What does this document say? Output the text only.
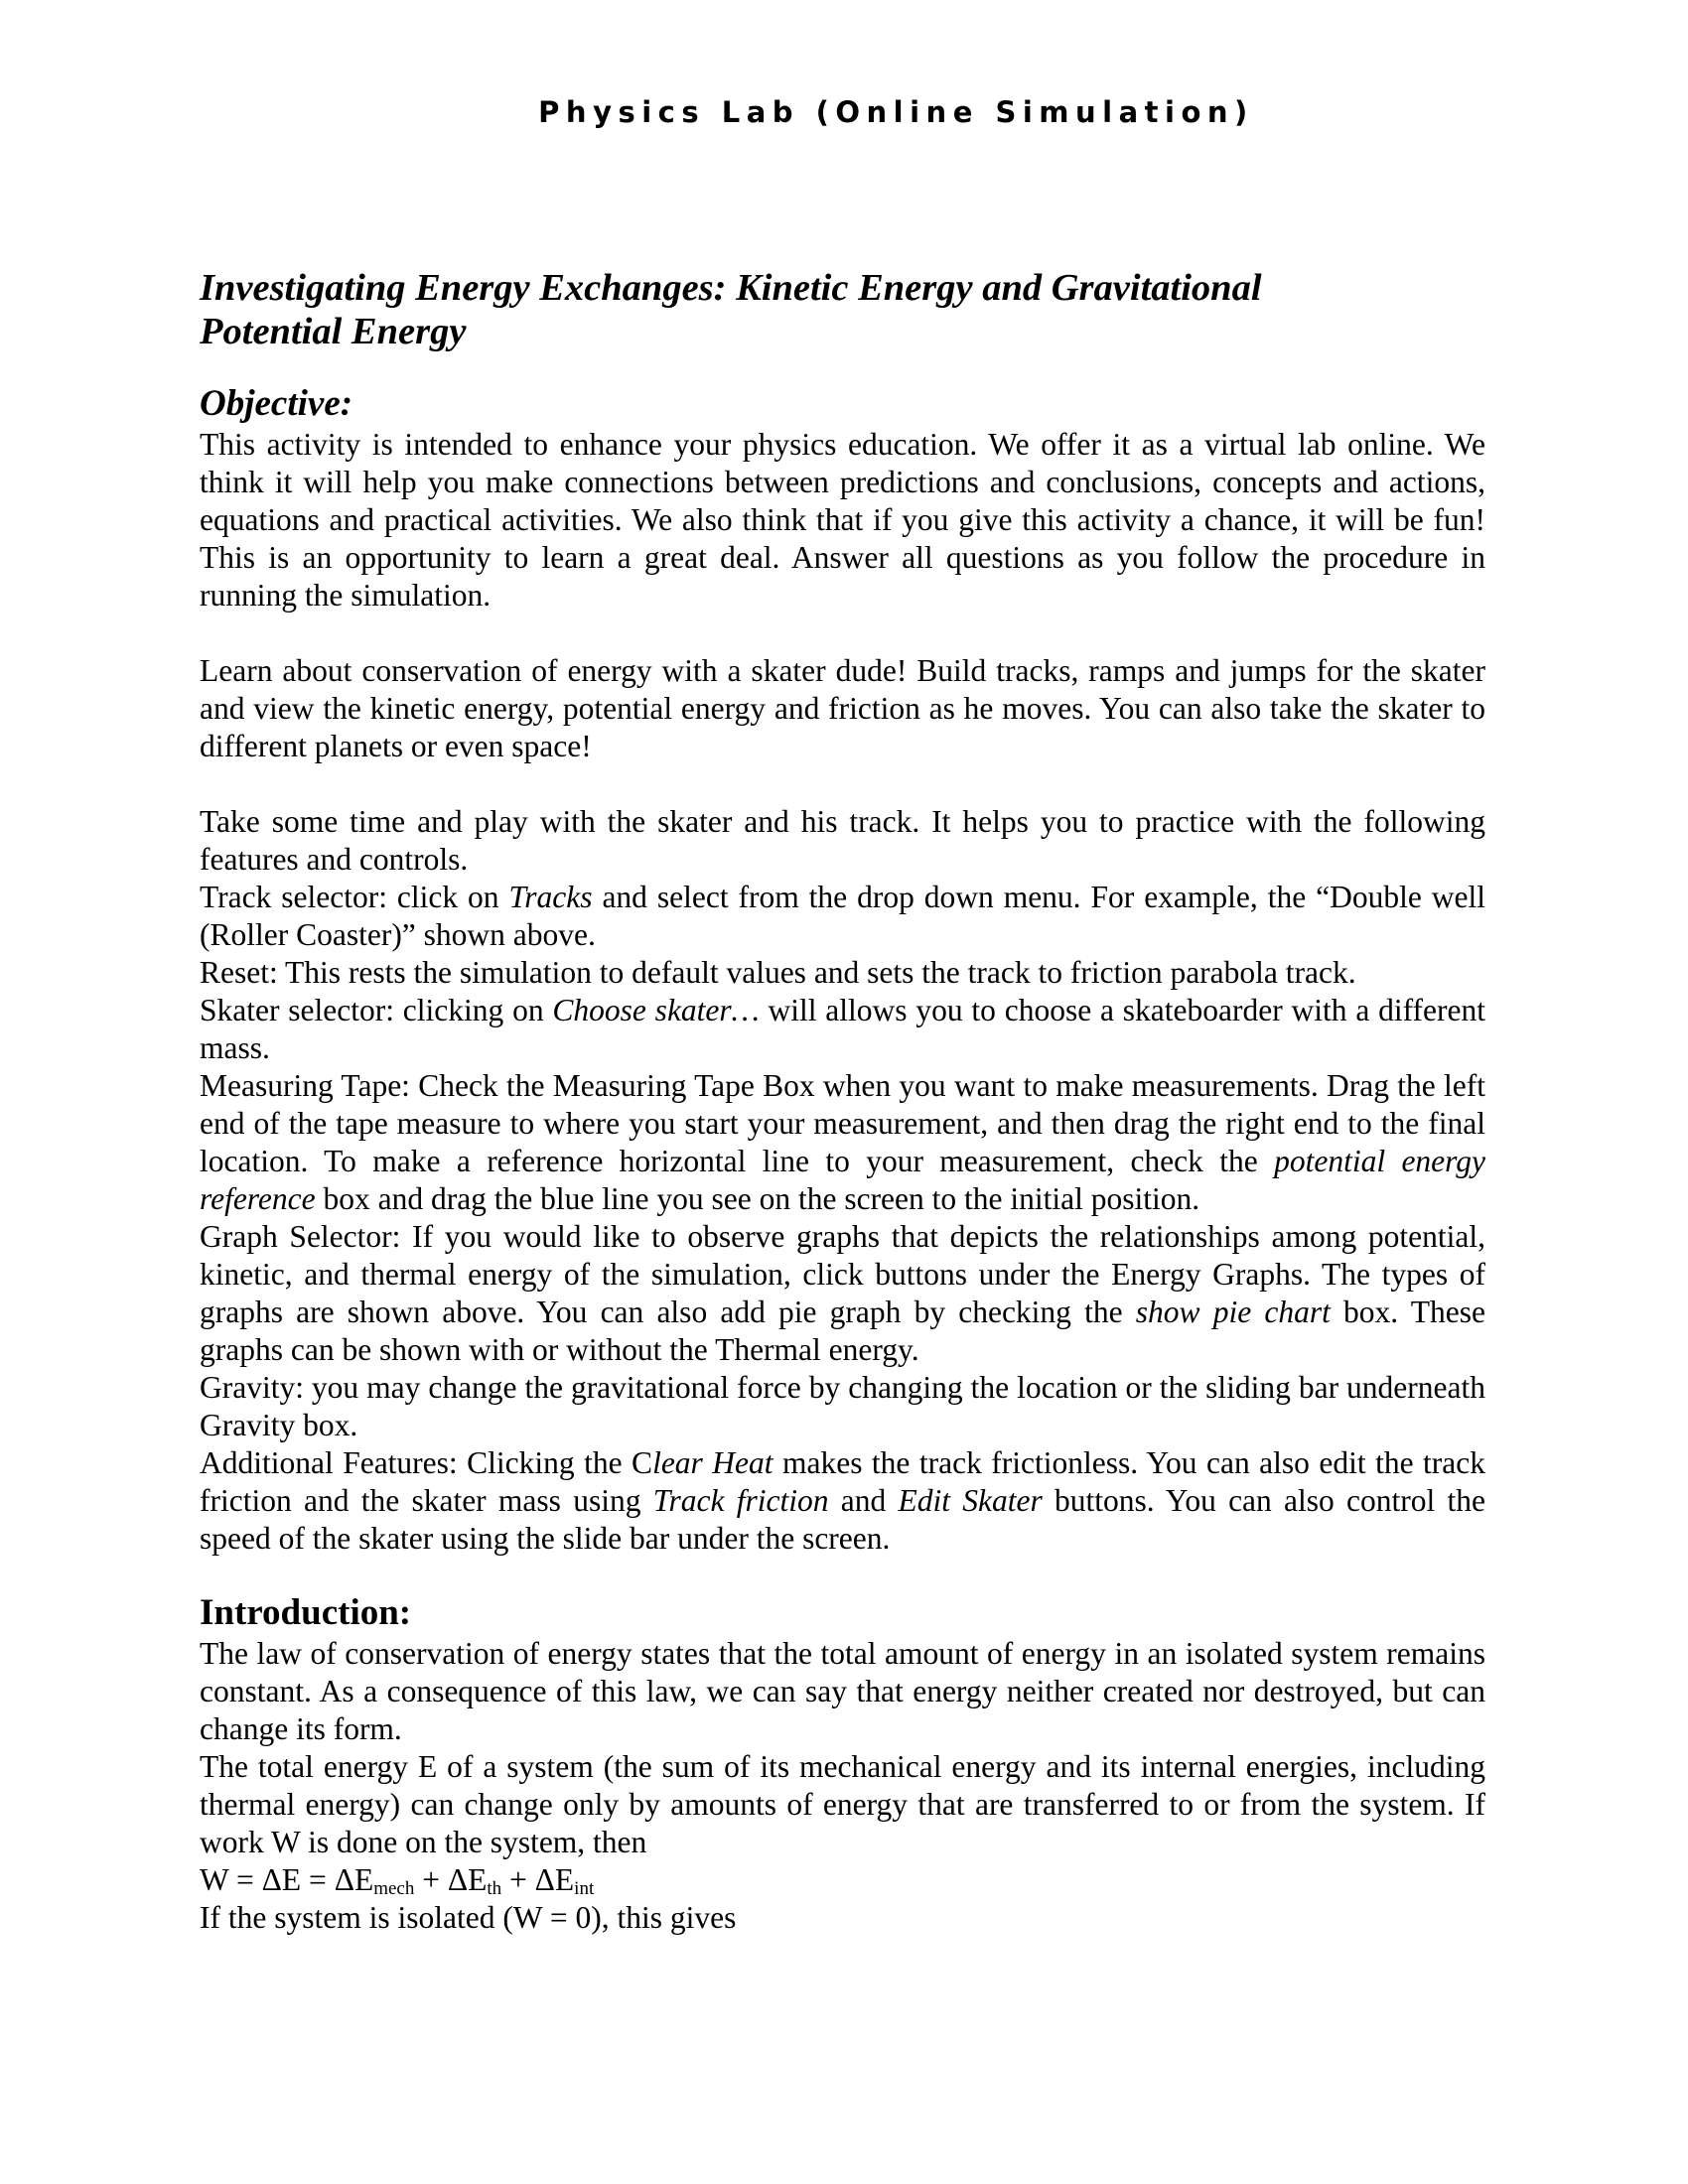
Physics Lab (Online Simulation)
Investigating Energy Exchanges: Kinetic Energy and Gravitational
Potential Energy
Objective:

This activity is intended to enhance your physics education. We offer it as a virtual lab online. We think it will help you make connections between predictions and conclusions, concepts and actions, equations and practical activities. We also think that if you give this activity a chance, it will be fun! This is an opportunity to learn a great deal. Answer all questions as you follow the procedure in running the simulation.

Learn about conservation of energy with a skater dude! Build tracks, ramps and jumps for the skater and view the kinetic energy, potential energy and friction as he moves. You can also take the skater to different planets or even space!

Take some time and play with the skater and his track. It helps you to practice with the following features and controls.

Track selector: click on Tracks and select from the drop down menu. For example, the “Double well (Roller Coaster)” shown above.

Reset: This rests the simulation to default values and sets the track to friction parabola track.

Skater selector: clicking on Choose skater… will allows you to choose a skateboarder with a different mass.

Measuring Tape: Check the Measuring Tape Box when you want to make measurements. Drag the left end of the tape measure to where you start your measurement, and then drag the right end to the final location. To make a reference horizontal line to your measurement, check the potential energy reference box and drag the blue line you see on the screen to the initial position.

Graph Selector: If you would like to observe graphs that depicts the relationships among potential, kinetic, and thermal energy of the simulation, click buttons under the Energy Graphs. The types of graphs are shown above. You can also add pie graph by checking the show pie chart box. These graphs can be shown with or without the Thermal energy.

Gravity: you may change the gravitational force by changing the location or the sliding bar underneath Gravity box.

Additional Features: Clicking the Clear Heat makes the track frictionless. You can also edit the track friction and the skater mass using Track friction and Edit Skater buttons. You can also control the speed of the skater using the slide bar under the screen.

Introduction:

The law of conservation of energy states that the total amount of energy in an isolated system remains constant. As a consequence of this law, we can say that energy neither created nor destroyed, but can change its form.

The total energy E of a system (the sum of its mechanical energy and its internal energies, including thermal energy) can change only by amounts of energy that are transferred to or from the system. If work W is done on the system, then

$W = \Delta E = \Delta E_{mech} + \Delta E_{th} + \Delta E_{int}$

If the system is isolated (W = 0), this gives
